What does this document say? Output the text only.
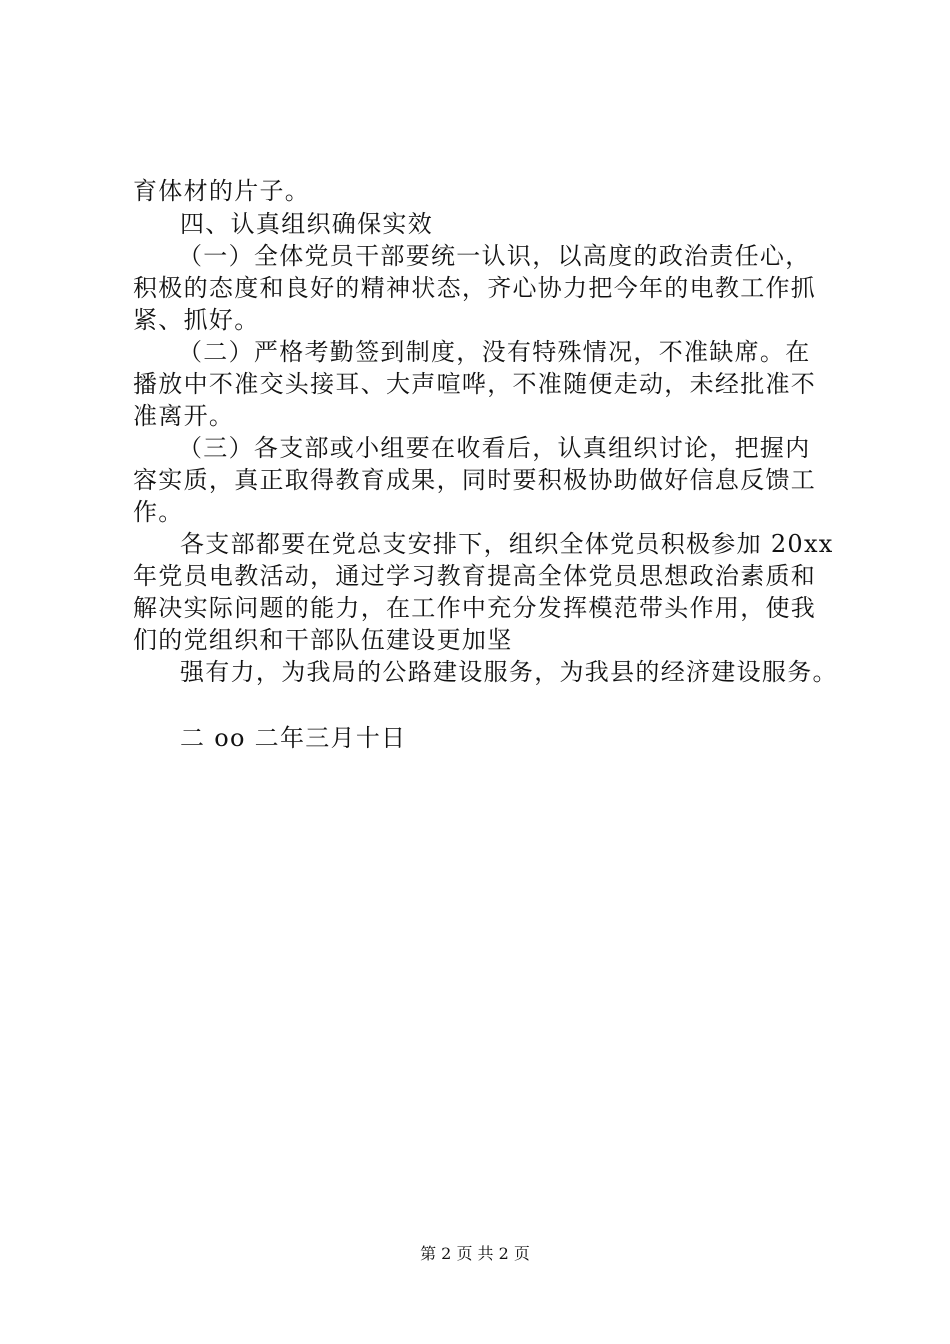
育体材的片子。
四、认真组织确保实效
（一）全体党员干部要统一认识，以高度的政治责任心，
积极的态度和良好的精神状态，齐心协力把今年的电教工作抓
紧、抓好。
（二）严格考勤签到制度，没有特殊情况，不准缺席。在
播放中不准交头接耳、大声喧哗，不准随便走动，未经批准不
准离开。
（三）各支部或小组要在收看后，认真组织讨论，把握内
容实质，真正取得教育成果，同时要积极协助做好信息反馈工
作。
各支部都要在党总支安排下，组织全体党员积极参加 20xx
年党员电教活动，通过学习教育提高全体党员思想政治素质和
解决实际问题的能力，在工作中充分发挥模范带头作用，使我
们的党组织和干部队伍建设更加坚
强有力，为我局的公路建设服务，为我县的经济建设服务。
二 oo 二年三月十日
第 2 页 共 2 页
